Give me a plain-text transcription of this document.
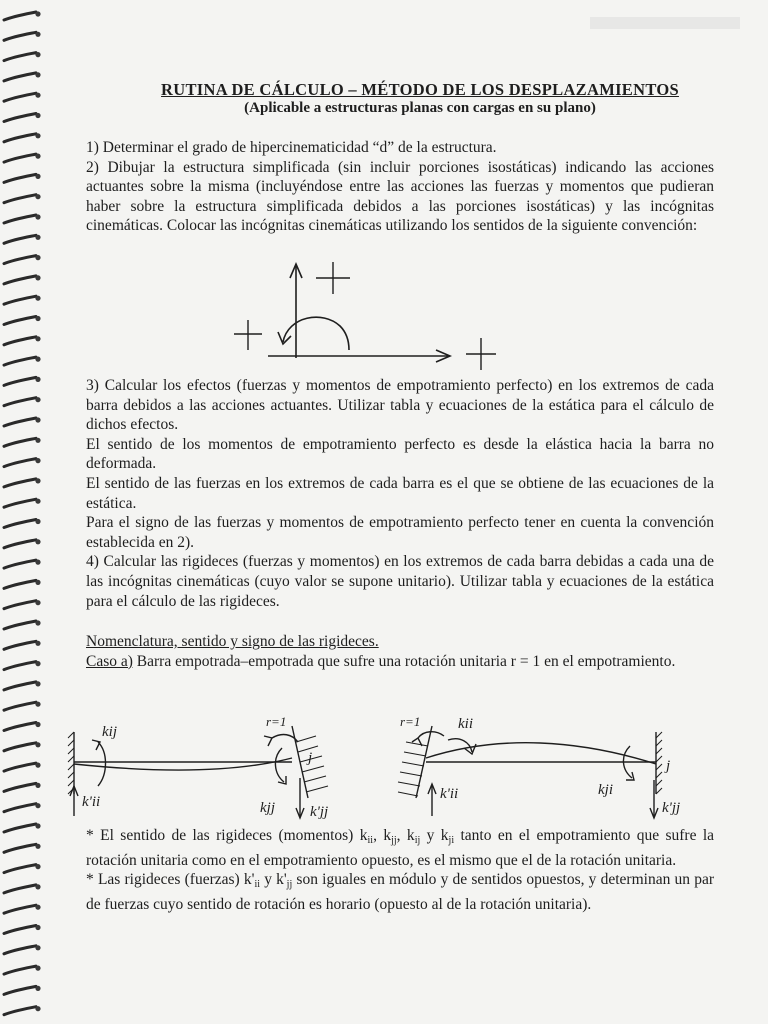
RUTINA DE CÁLCULO – MÉTODO DE LOS DESPLAZAMIENTOS
(Aplicable a estructuras planas con cargas en su plano)

1) Determinar el grado de hipercinematicidad “d” de la estructura.

2) Dibujar la estructura simplificada (sin incluir porciones isostáticas) indicando las acciones actuantes sobre la misma (incluyéndose entre las acciones las fuerzas y momentos que pudieran haber sobre la estructura simplificada debidos a las porciones isostáticas) y las incógnitas cinemáticas. Colocar las incógnitas cinemáticas utilizando los sentidos de la siguiente convención:

3) Calcular los efectos (fuerzas y momentos de empotramiento perfecto) en los extremos de cada barra debidos a las acciones actuantes. Utilizar tabla y ecuaciones de la estática para el cálculo de dichos efectos.

El sentido de los momentos de empotramiento perfecto es desde la elástica hacia la barra no deformada.

El sentido de las fuerzas en los extremos de cada barra es el que se obtiene de las ecuaciones de la estática.

Para el signo de las fuerzas y momentos de empotramiento perfecto tener en cuenta la convención establecida en 2).

4) Calcular las rigideces (fuerzas y momentos) en los extremos de cada barra debidas a cada una de las incógnitas cinemáticas (cuyo valor se supone unitario). Utilizar tabla y ecuaciones de la estática para el cálculo de las rigideces.

Nomenclatura, sentido y signo de las rigideces.

Caso a) Barra empotrada–empotrada que sufre una rotación unitaria r = 1 en el empotramiento.

kij
r=1
j
k'ii	kjj k'jj
r=1	kii
j
k'ii	kji
k'jj

* El sentido de las rigideces (momentos) $k_{ii}$, $k_{jj}$, $k_{ij}$ y $k_{ji}$ tanto en el empotramiento que sufre la rotación unitaria como en el empotramiento opuesto, es el mismo que el de la rotación unitaria.

* Las rigideces (fuerzas) $k'_{ii}$ y $k'_{jj}$ son iguales en módulo y de sentidos opuestos, y determinan un par de fuerzas cuyo sentido de rotación es horario (opuesto al de la rotación unitaria).
